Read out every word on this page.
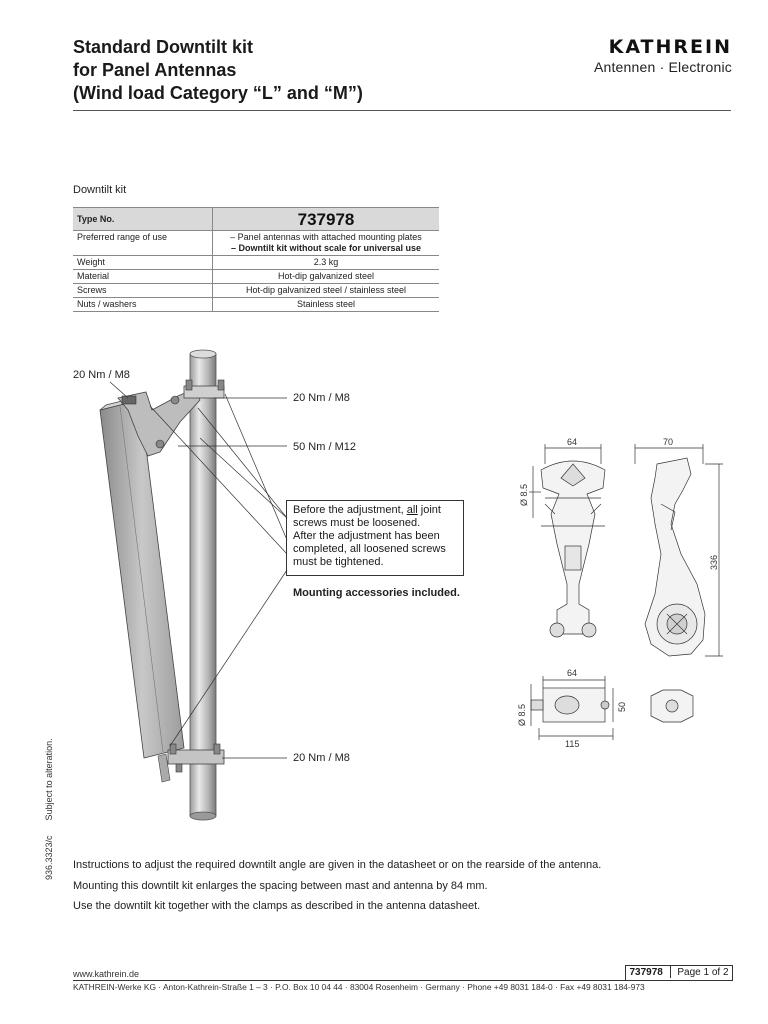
Standard Downtilt kit
for Panel Antennas
(Wind load Category “L” and “M”)
KATHREIN
Antennen · Electronic
Downtilt kit
Type No.	737978
Preferred range of use	– Panel antennas with attached mounting plates
– Downtilt kit without scale for universal use

Weight	2.3 kg
Material	Hot-dip galvanized steel
Screws	Hot-dip galvanized steel / stainless steel
Nuts / washers	Stainless steel
20 Nm / M8
20 Nm / M8
50 Nm / M12
20 Nm / M8
Before the adjustment, all joint
screws must be loosened.
After the adjustment has been
completed, all loosened screws
must be tightened.
Mounting accessories included.
64	70
Ø 8.5
336
64
50
Ø 8.5
115
936.3323/c      Subject to alteration.
Instructions to adjust the required downtilt angle are given in the datasheet or on the rearside of the antenna.
Mounting this downtilt kit enlarges the spacing between mast and antenna by 84 mm.
Use the downtilt kit together with the clamps as described in the antenna datasheet.
www.kathrein.de	737978 Page 1 of 2
KATHREIN-Werke KG · Anton-Kathrein-Straße 1 – 3 · P.O. Box 10 04 44 · 83004 Rosenheim · Germany · Phone +49 8031 184-0 · Fax +49 8031 184-973
